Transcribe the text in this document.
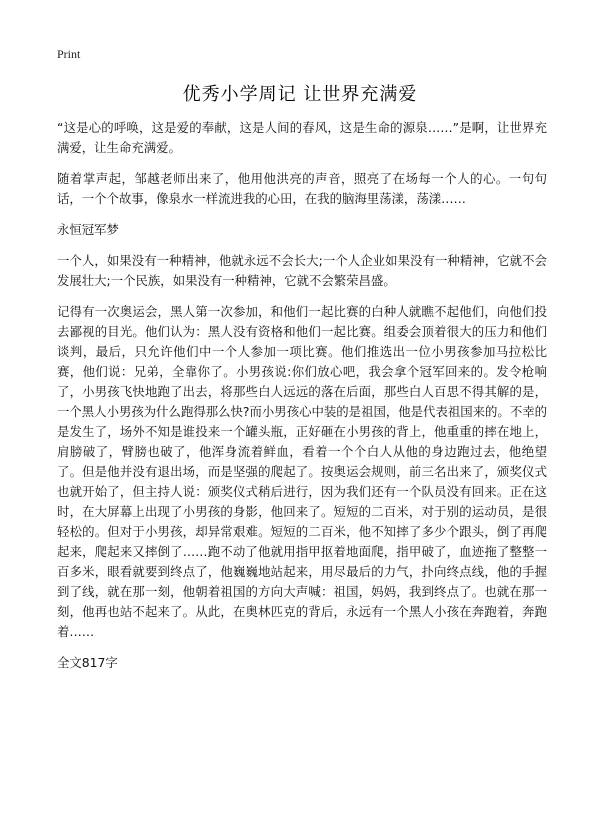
Print
优秀小学周记 让世界充满爱

“这是心的呼唤，这是爱的奉献，这是人间的春风，这是生命的源泉……”是啊，让世界充满爱，让生命充满爱。

随着掌声起，邹越老师出来了，他用他洪亮的声音，照亮了在场每一个人的心。一句句话，一个个故事，像泉水一样流进我的心田，在我的脑海里荡漾，荡漾……

永恒冠军梦

一个人，如果没有一种精神，他就永远不会长大;一个人企业如果没有一种精神，它就不会发展壮大;一个民族，如果没有一种精神，它就不会繁荣昌盛。

记得有一次奥运会，黑人第一次参加，和他们一起比赛的白种人就瞧不起他们，向他们投去鄙视的目光。他们认为：黑人没有资格和他们一起比赛。组委会顶着很大的压力和他们谈判，最后，只允许他们中一个人参加一项比赛。他们推选出一位小男孩参加马拉松比赛，他们说：兄弟，全靠你了。小男孩说:你们放心吧，我会拿个冠军回来的。发令枪响了，小男孩飞快地跑了出去，将那些白人远远的落在后面，那些白人百思不得其解的是，一个黑人小男孩为什么跑得那么快?而小男孩心中装的是祖国，他是代表祖国来的。不幸的是发生了，场外不知是谁投来一个罐头瓶，正好砸在小男孩的背上，他重重的摔在地上，肩膀破了，臂膀也破了，他浑身流着鲜血，看着一个个白人从他的身边跑过去，他绝望了。但是他并没有退出场，而是坚强的爬起了。按奥运会规则，前三名出来了，颁奖仪式也就开始了，但主持人说：颁奖仪式稍后进行，因为我们还有一个队员没有回来。正在这时，在大屏幕上出现了小男孩的身影，他回来了。短短的二百米，对于别的运动员，是很轻松的。但对于小男孩，却异常艰难。短短的二百米，他不知摔了多少个跟头，倒了再爬起来，爬起来又摔倒了……跑不动了他就用指甲抠着地面爬，指甲破了，血迹拖了整整一百多米，眼看就要到终点了，他巍巍地站起来，用尽最后的力气，扑向终点线，他的手握到了线，就在那一刻，他朝着祖国的方向大声喊：祖国，妈妈，我到终点了。也就在那一刻，他再也站不起来了。从此，在奥林匹克的背后，永远有一个黑人小孩在奔跑着，奔跑着……

全文817字
